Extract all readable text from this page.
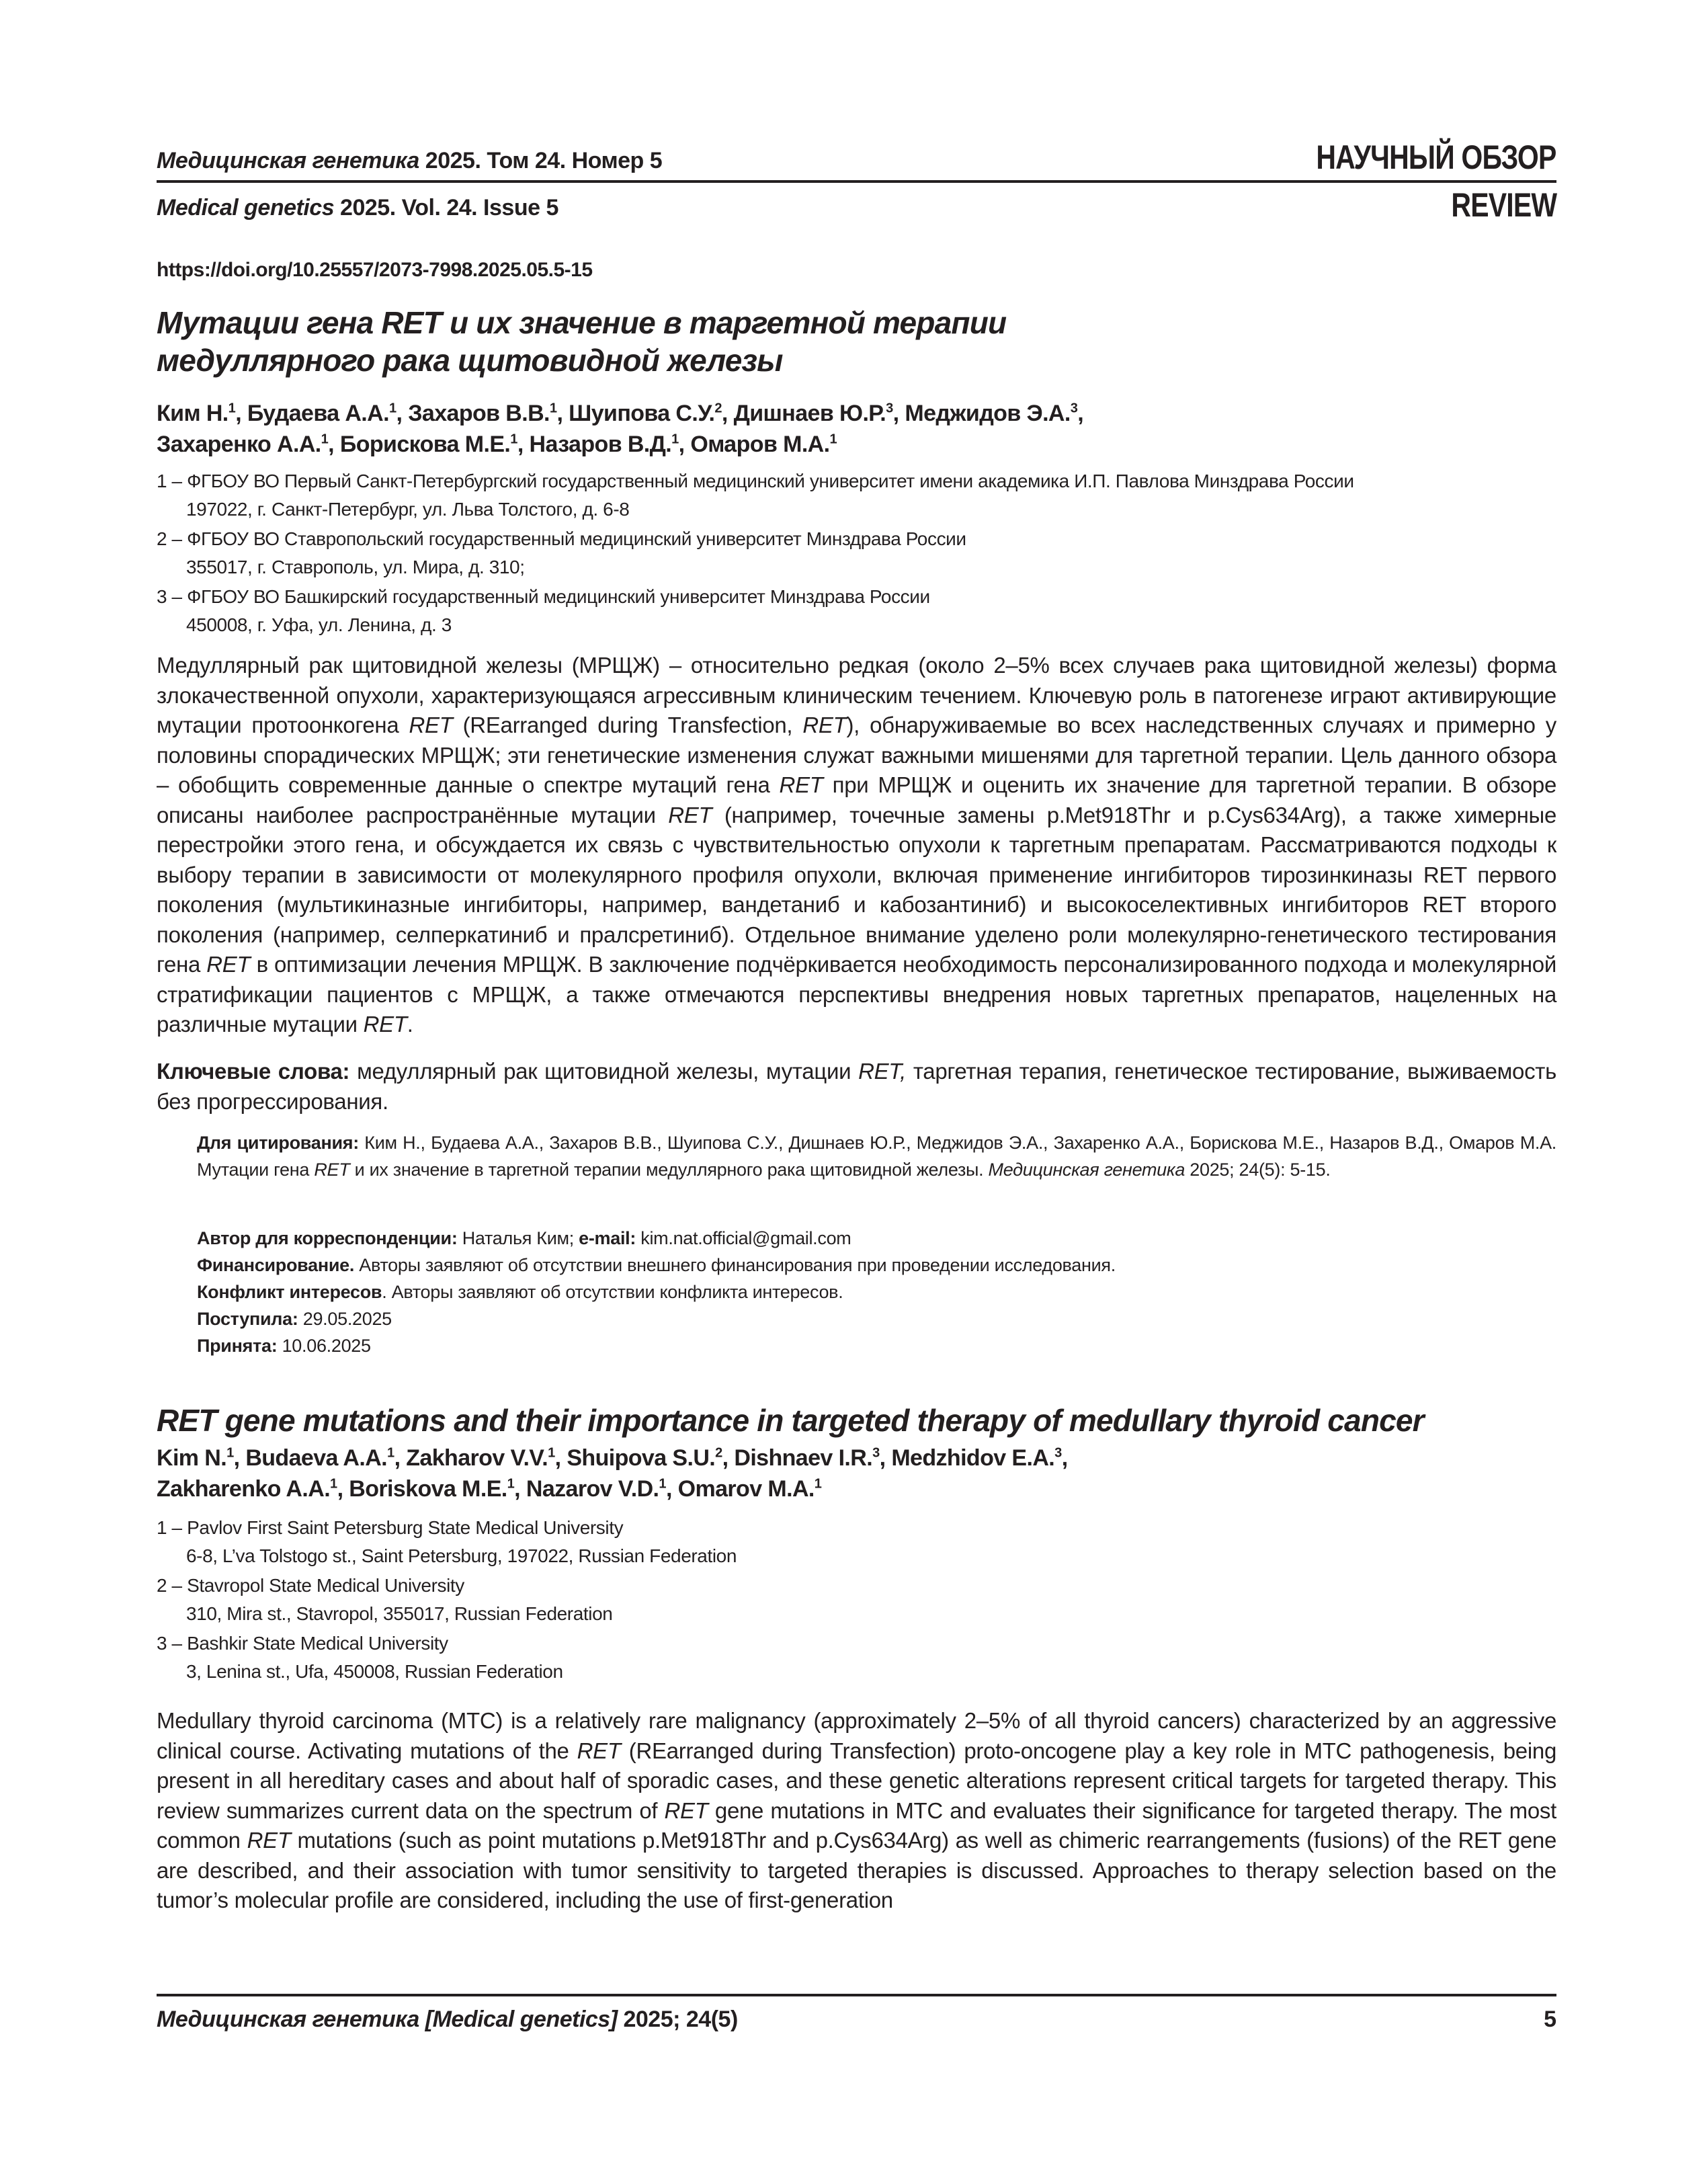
Медицинская генетика 2025. Том 24. Номер 5	НАУЧНЫЙ ОБЗОР
Medical genetics 2025. Vol. 24. Issue 5	REVIEW
https://doi.org/10.25557/2073-7998.2025.05.5-15
Мутации гена RET и их значение в таргетной терапии
медуллярного рака щитовидной железы
Ким Н.$^1$, Будаева А.А.$^1$, Захаров В.В.$^1$, Шуипова С.У.$^2$, Дишнаев Ю.Р.$^3$, Меджидов Э.А.$^3$,
Захаренко А.А.$^1$, Борискова М.Е.$^1$, Назаров В.Д.$^1$, Омаров М.А.$^1$
1 – ФГБОУ ВО Первый Санкт-Петербургский государственный медицинский университет имени академика И.П. Павлова Минздрава России
197022, г. Санкт-Петербург, ул. Льва Толстого, д. 6-8
2 – ФГБОУ ВО Ставропольский государственный медицинский университет Минздрава России
355017, г. Ставрополь, ул. Мира, д. 310;
3 – ФГБОУ ВО Башкирский государственный медицинский университет Минздрава России
450008, г. Уфа, ул. Ленина, д. 3
Медуллярный рак щитовидной железы (МРЩЖ) – относительно редкая (около 2–5% всех случаев рака щитовидной железы) форма злокачественной опухоли, характеризующаяся агрессивным клиническим течением. Ключевую роль в патогенезе играют активирующие мутации протоонкогена RET (REarranged during Transfection, RET), обнаруживаемые во всех наследственных случаях и примерно у половины спорадических МРЩЖ; эти генетические изменения служат важными мишенями для таргетной терапии. Цель данного обзора – обобщить современные данные о спектре мутаций гена RET при МРЩЖ и оценить их значение для таргетной терапии. В обзоре описаны наиболее распространённые мутации RET (например, точечные замены p.Met918Thr и p.Cys634Arg), а также химерные перестройки этого гена, и обсуждается их связь с чувствительностью опухоли к таргетным препаратам. Рассматриваются подходы к выбору терапии в зависимости от молекулярного профиля опухоли, включая применение ингибиторов тирозинкиназы RET первого поколения (мультикиназные ингибиторы, например, вандетаниб и кабозантиниб) и высокоселективных ингибиторов RET второго поколения (например, селперкатиниб и пралсретиниб). Отдельное внимание уделено роли молекулярно-генетического тестирования гена RET в оптимизации лечения МРЩЖ. В заключение подчёркивается необходимость персонализированного подхода и молекулярной стратификации пациентов с МРЩЖ, а также отмечаются перспективы внедрения новых таргетных препаратов, нацеленных на различные мутации RET.
Ключевые слова: медуллярный рак щитовидной железы, мутации RET, таргетная терапия, генетическое тестирование, выживаемость без прогрессирования.
Для цитирования: Ким Н., Будаева А.А., Захаров В.В., Шуипова С.У., Дишнаев Ю.Р., Меджидов Э.А., Захаренко А.А., Борискова М.Е., Назаров В.Д., Омаров М.А. Мутации гена RET и их значение в таргетной терапии медуллярного рака щитовидной железы. Медицинская генетика 2025; 24(5): 5-15.
Автор для корреспонденции: Наталья Ким; e-mail: kim.nat.official@gmail.com
Финансирование. Авторы заявляют об отсутствии внешнего финансирования при проведении исследования.
Конфликт интересов. Авторы заявляют об отсутствии конфликта интересов.
Поступила: 29.05.2025
Принята: 10.06.2025
RET gene mutations and their importance in targeted therapy of medullary thyroid cancer
Kim N.$^1$, Budaeva A.A.$^1$, Zakharov V.V.$^1$, Shuipova S.U.$^2$, Dishnaev I.R.$^3$, Medzhidov E.A.$^3$,
Zakharenko A.A.$^1$, Boriskova M.E.$^1$, Nazarov V.D.$^1$, Omarov M.A.$^1$
1 – Pavlov First Saint Petersburg State Medical University
6-8, L’va Tolstogo st., Saint Petersburg, 197022, Russian Federation
2 – Stavropol State Medical University
310, Mira st., Stavropol, 355017, Russian Federation
3 – Bashkir State Medical University
3, Lenina st., Ufa, 450008, Russian Federation
Medullary thyroid carcinoma (MTC) is a relatively rare malignancy (approximately 2–5% of all thyroid cancers) characterized by an aggressive clinical course. Activating mutations of the RET (REarranged during Transfection) proto-oncogene play a key role in MTC pathogenesis, being present in all hereditary cases and about half of sporadic cases, and these genetic alterations represent critical targets for targeted therapy. This review summarizes current data on the spectrum of RET gene mutations in MTC and evaluates their significance for targeted therapy. The most common RET mutations (such as point mutations p.Met918Thr and p.Cys634Arg) as well as chimeric rearrangements (fusions) of the RET gene are described, and their association with tumor sensitivity to targeted therapies is discussed. Approaches to therapy selection based on the tumor’s molecular profile are considered, including the use of first-generation
Медицинская генетика [Medical genetics] 2025; 24(5)	5
